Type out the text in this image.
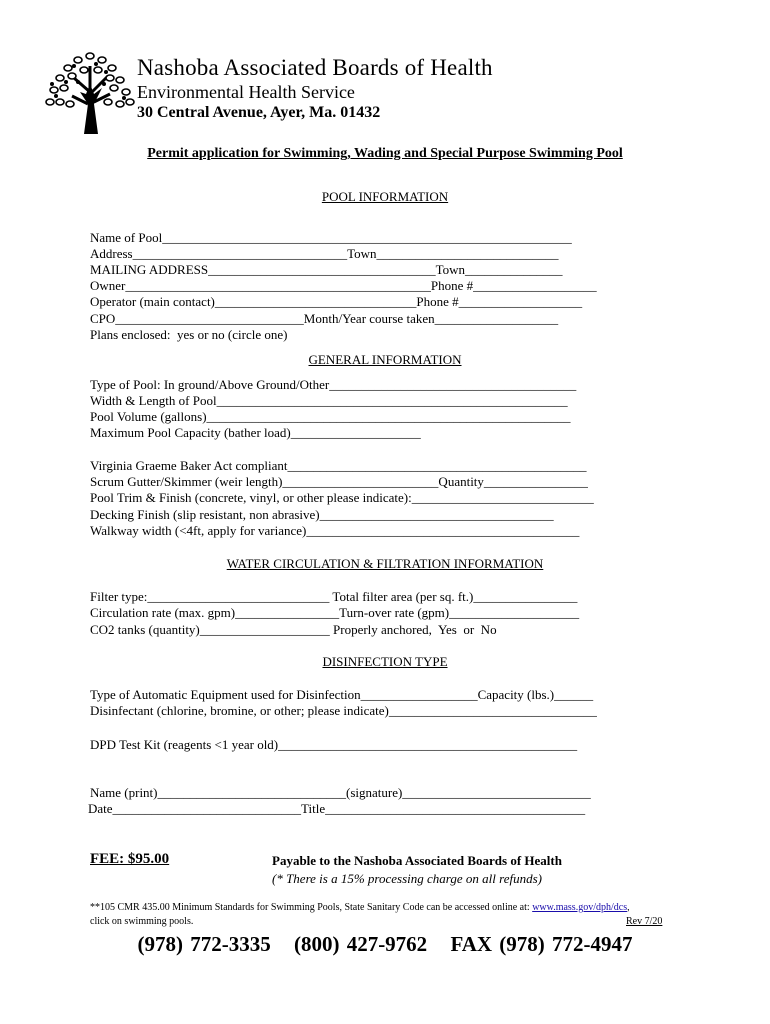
Nashoba Associated Boards of Health
Environmental Health Service
30 Central Avenue, Ayer, Ma. 01432
Permit application for Swimming, Wading and Special Purpose Swimming Pool
POOL INFORMATION
Name of Pool_______________________________________________________________
Address_________________________________Town____________________________
MAILING ADDRESS___________________________________Town_______________
Owner_______________________________________________Phone #___________________
Operator (main contact)_______________________________Phone #___________________
CPO_____________________________Month/Year course taken___________________
Plans enclosed:  yes or no (circle one)
GENERAL INFORMATION
Type of Pool: In ground/Above Ground/Other______________________________________
Width & Length of Pool______________________________________________________
Pool Volume (gallons)________________________________________________________
Maximum Pool Capacity (bather load)____________________
Virginia Graeme Baker Act compliant______________________________________________
Scrum Gutter/Skimmer (weir length)________________________Quantity________________
Pool Trim & Finish (concrete, vinyl, or other please indicate):____________________________
Decking Finish (slip resistant, non abrasive)____________________________________
Walkway width (<4ft, apply for variance)__________________________________________
WATER CIRCULATION & FILTRATION INFORMATION
Filter type:____________________________ Total filter area (per sq. ft.)________________
Circulation rate (max. gpm)________________Turn-over rate (gpm)____________________
CO2 tanks (quantity)____________________ Properly anchored,  Yes  or  No
DISINFECTION TYPE
Type of Automatic Equipment used for Disinfection__________________Capacity (lbs.)______
Disinfectant (chlorine, bromine, or other; please indicate)________________________________
DPD Test Kit (reagents <1 year old)______________________________________________
Name (print)_____________________________(signature)_____________________________
Date_____________________________Title________________________________________
FEE: $95.00	Payable to the Nashoba Associated Boards of Health
(* There is a 15% processing charge on all refunds)
**105 CMR 435.00 Minimum Standards for Swimming Pools, State Sanitary Code can be accessed online at: www.mass.gov/dph/dcs,
click on swimming pools.	Rev 7/20
(978) 772-3335 (800) 427-9762 FAX (978) 772-4947
